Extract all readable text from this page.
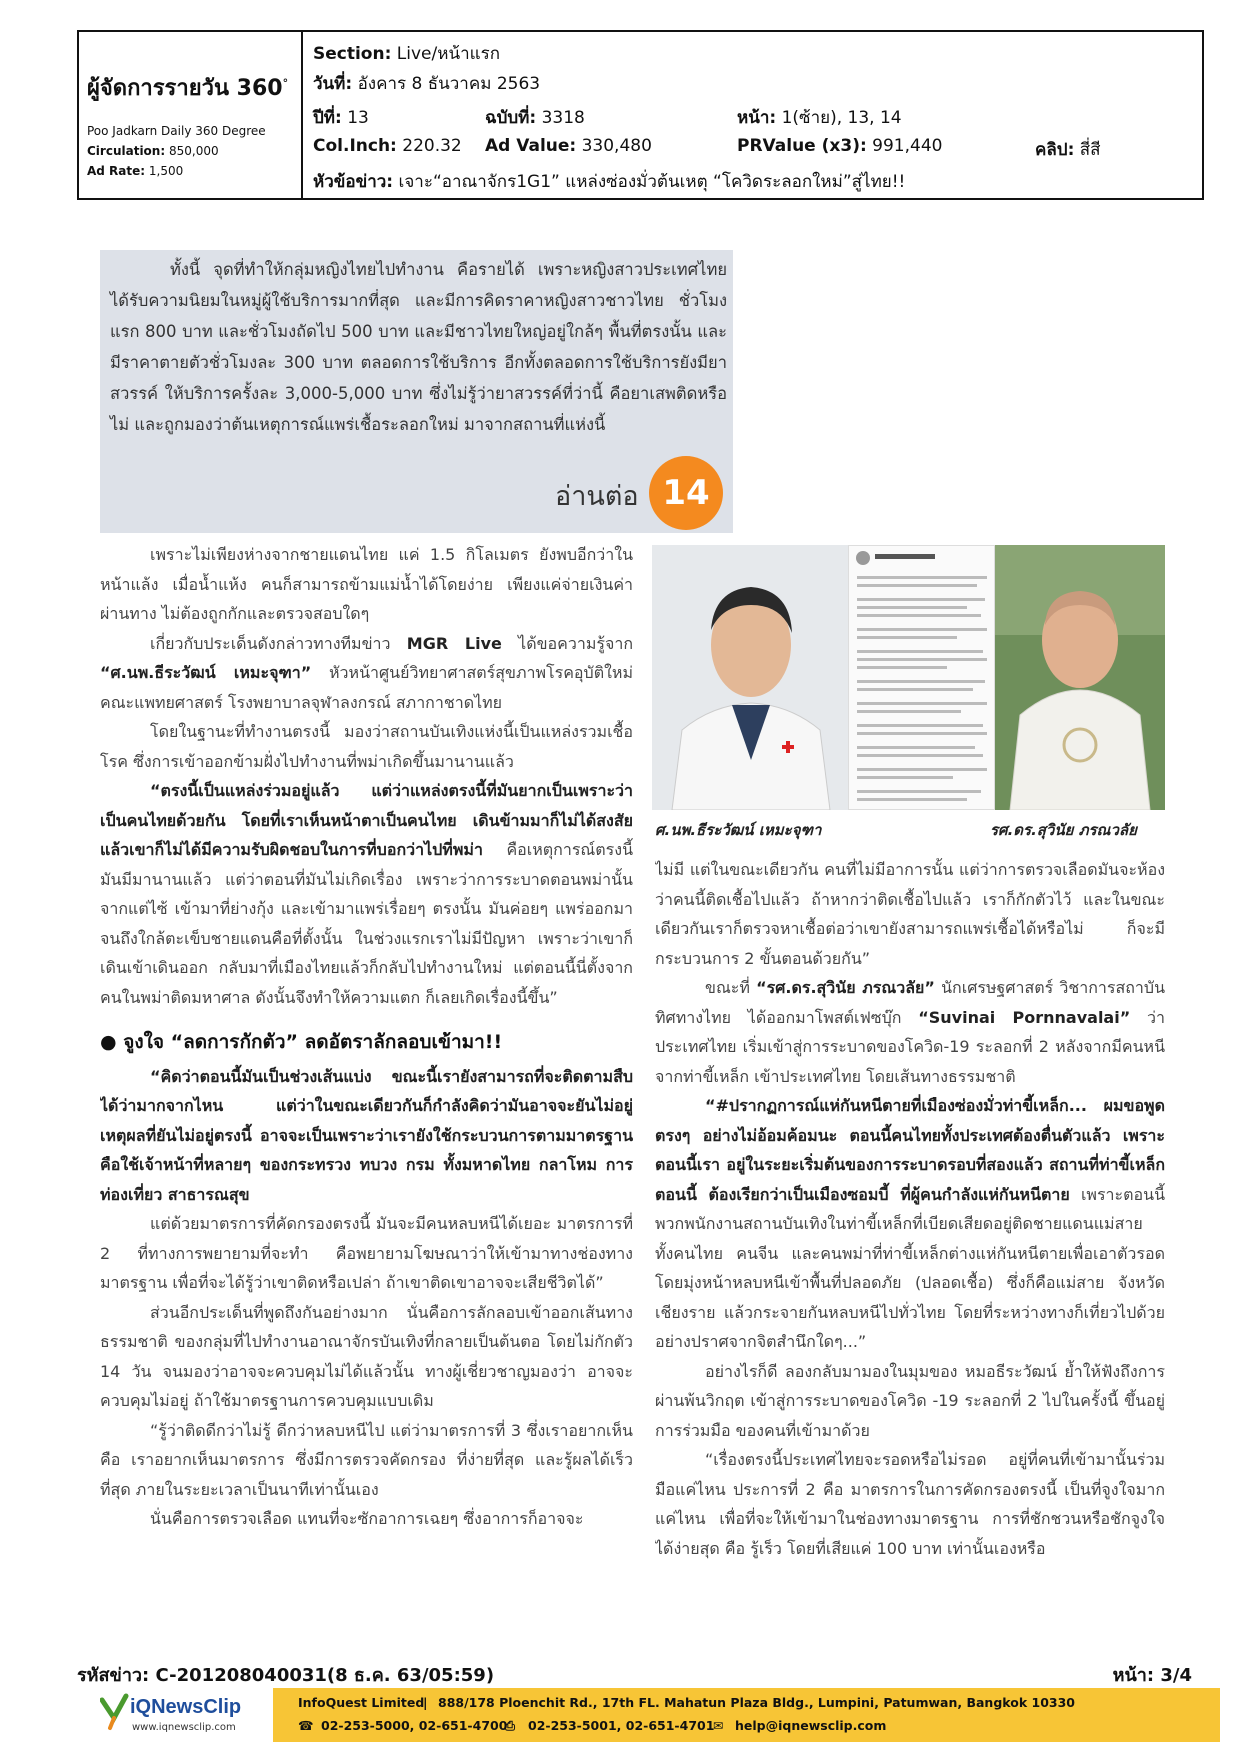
ผู้จัดการรายวัน 360°
Poo Jadkarn Daily 360 Degree
Circulation: 850,000
Ad Rate: 1,500
Section: Live/หน้าแรก
วันที่: อังคาร 8 ธันวาคม 2563
ปีที่: 13	ฉบับที่: 3318	หน้า: 1(ซ้าย), 13, 14
Col.Inch: 220.32 Ad Value: 330,480	PRValue (x3): 991,440	คลิป: สี่สี
หัวข้อข่าว: เจาะ“อาณาจักร1G1” แหล่งซ่องมั่วต้นเหตุ “โควิดระลอกใหม่”สู่ไทย!!

ทั้งนี้ จุดที่ทำให้กลุ่มหญิงไทยไปทำงาน คือรายได้ เพราะหญิงสาวประเทศไทย ได้รับความนิยมในหมู่ผู้ใช้บริการมากที่สุด และมีการคิดราคาหญิงสาวชาวไทย ชั่วโมงแรก 800 บาท และชั่วโมงถัดไป 500 บาท และมีชาวไทยใหญ่อยู่ใกล้ๆ พื้นที่ตรงนั้น และมีราคาตายตัวชั่วโมงละ 300 บาท ตลอดการใช้บริการ อีกทั้งตลอดการใช้บริการยังมียาสวรรค์ ให้บริการครั้งละ 3,000-5,000 บาท ซึ่งไม่รู้ว่ายาสวรรค์ที่ว่านี้ คือยาเสพติดหรือไม่ และถูกมองว่าต้นเหตุการณ์แพร่เชื้อระลอกใหม่ มาจากสถานที่แห่งนี้

อ่านต่อ 14

เพราะไม่เพียงห่างจากชายแดนไทย แค่ 1.5 กิโลเมตร ยังพบอีกว่าในหน้าแล้ง เมื่อน้ำแห้ง คนก็สามารถข้ามแม่น้ำได้โดยง่าย เพียงแค่จ่ายเงินค่าผ่านทาง ไม่ต้องถูกกักและตรวจสอบใดๆ

เกี่ยวกับประเด็นดังกล่าวทางทีมข่าว MGR Live ได้ขอความรู้จาก “ศ.นพ.ธีระวัฒน์ เหมะจุฑา” หัวหน้าศูนย์วิทยาศาสตร์สุขภาพโรคอุบัติใหม่ คณะแพทยศาสตร์ โรงพยาบาลจุฬาลงกรณ์ สภากาชาดไทย

โดยในฐานะที่ทำงานตรงนี้ มองว่าสถานบันเทิงแห่งนี้เป็นแหล่งรวมเชื้อโรค ซึ่งการเข้าออกข้ามฝั่งไปทำงานที่พม่าเกิดขึ้นมานานแล้ว

“ตรงนี้เป็นแหล่งร่วมอยู่แล้ว แต่ว่าแหล่งตรงนี้ที่มันยากเป็นเพราะว่าเป็นคนไทยด้วยกัน โดยที่เราเห็นหน้าตาเป็นคนไทย เดินข้ามมาก็ไม่ได้สงสัย แล้วเขาก็ไม่ได้มีความรับผิดชอบในการที่บอกว่าไปที่พม่า คือเหตุการณ์ตรงนี้มันมีมานานแล้ว แต่ว่าตอนที่มันไม่เกิดเรื่อง เพราะว่าการระบาดตอนพม่านั้น จากแต่ไซ้ เข้ามาที่ย่างกุ้ง และเข้ามาแพร่เรื่อยๆ ตรงนั้น มันค่อยๆ แพร่ออกมา จนถึงใกล้ตะเข็บชายแดนคือที่ตั้งนั้น ในช่วงแรกเราไม่มีปัญหา เพราะว่าเขาก็เดินเข้าเดินออก กลับมาที่เมืองไทยแล้วก็กลับไปทำงานใหม่ แต่ตอนนี้นี่ตั้งจากคนในพม่าติดมหาศาล ดังนั้นจึงทำให้ความแตก ก็เลยเกิดเรื่องนี้ขึ้น”

● จูงใจ “ลดการกักตัว” ลดอัตราลักลอบเข้ามา!!

“คิดว่าตอนนี้มันเป็นช่วงเส้นแบ่ง ขณะนี้เรายังสามารถที่จะติดตามสืบได้ว่ามากจากไหน แต่ว่าในขณะเดียวกันก็กำลังคิดว่ามันอาจจะยันไม่อยู่ เหตุผลที่ยันไม่อยู่ตรงนี้ อาจจะเป็นเพราะว่าเรายังใช้กระบวนการตามมาตรฐาน คือใช้เจ้าหน้าที่หลายๆ ของกระทรวง ทบวง กรม ทั้งมหาดไทย กลาโหม การท่องเที่ยว สาธารณสุข

แต่ด้วยมาตรการที่คัดกรองตรงนี้ มันจะมีคนหลบหนีได้เยอะ มาตรการที่ 2 ที่ทางการพยายามที่จะทำ คือพยายามโฆษณาว่าให้เข้ามาทางช่องทางมาตรฐาน เพื่อที่จะได้รู้ว่าเขาติดหรือเปล่า ถ้าเขาติดเขาอาจจะเสียชีวิตได้”

ส่วนอีกประเด็นที่พูดถึงกันอย่างมาก นั่นคือการลักลอบเข้าออกเส้นทางธรรมชาติ ของกลุ่มที่ไปทำงานอาณาจักรบันเทิงที่กลายเป็นต้นตอ โดยไม่กักตัว 14 วัน จนมองว่าอาจจะควบคุมไม่ได้แล้วนั้น ทางผู้เชี่ยวชาญมองว่า อาจจะควบคุมไม่อยู่ ถ้าใช้มาตรฐานการควบคุมแบบเดิม

“รู้ว่าติดดีกว่าไม่รู้ ดีกว่าหลบหนีไป แต่ว่ามาตรการที่ 3 ซึ่งเราอยากเห็น คือ เราอยากเห็นมาตรการ ซึ่งมีการตรวจคัดกรอง ที่ง่ายที่สุด และรู้ผลได้เร็วที่สุด ภายในระยะเวลาเป็นนาทีเท่านั้นเอง

นั่นคือการตรวจเลือด แทนที่จะซักอาการเฉยๆ ซึ่งอาการก็อาจจะ

ศ.นพ.ธีระวัฒน์ เหมะจุฑา	รศ.ดร.สุวินัย ภรณวลัย

ไม่มี แต่ในขณะเดียวกัน คนที่ไม่มีอาการนั้น แต่ว่าการตรวจเลือดมันจะห้องว่าคนนี้ติดเชื้อไปแล้ว ถ้าหากว่าติดเชื้อไปแล้ว เราก็กักตัวไว้ และในขณะเดียวกันเราก็ตรวจหาเชื้อต่อว่าเขายังสามารถแพร่เชื้อได้หรือไม่ ก็จะมีกระบวนการ 2 ขั้นตอนด้วยกัน”

ขณะที่ “รศ.ดร.สุวินัย ภรณวลัย” นักเศรษฐศาสตร์ วิชาการสถาบันทิศทางไทย ได้ออกมาโพสต์เฟซบุ๊ก “Suvinai Pornnavalai” ว่าประเทศไทย เริ่มเข้าสู่การระบาดของโควิด-19 ระลอกที่ 2 หลังจากมีคนหนีจากท่าขี้เหล็ก เข้าประเทศไทย โดยเส้นทางธรรมชาติ

“#ปรากฏการณ์แห่กันหนีตายที่เมืองซ่องมั่วท่าขี้เหล็ก... ผมขอพูดตรงๆ อย่างไม่อ้อมค้อมนะ ตอนนี้คนไทยทั้งประเทศต้องตื่นตัวแล้ว เพราะตอนนี้เรา อยู่ในระยะเริ่มต้นของการระบาดรอบที่สองแล้ว สถานที่ท่าขี้เหล็กตอนนี้ ต้องเรียกว่าเป็นเมืองซอมบี้ ที่ผู้คนกำลังแห่กันหนีตาย เพราะตอนนี้พวกพนักงานสถานบันเทิงในท่าขี้เหล็กที่เบียดเสียดอยู่ติดชายแดนแม่สายทั้งคนไทย คนจีน และคนพม่าที่ท่าขี้เหล็กต่างแห่กันหนีตายเพื่อเอาตัวรอด โดยมุ่งหน้าหลบหนีเข้าพื้นที่ปลอดภัย (ปลอดเชื้อ) ซึ่งก็คือแม่สาย จังหวัดเชียงราย แล้วกระจายกันหลบหนีไปทั่วไทย โดยที่ระหว่างทางก็เที่ยวไปด้วย อย่างปราศจากจิตสำนึกใดๆ...”

อย่างไรก็ดี ลองกลับมามองในมุมของ หมอธีระวัฒน์ ย้ำให้ฟังถึงการผ่านพ้นวิกฤต เข้าสู่การระบาดของโควิด -19 ระลอกที่ 2 ไปในครั้งนี้ ขึ้นอยู่การร่วมมือ ของคนที่เข้ามาด้วย

“เรื่องตรงนี้ประเทศไทยจะรอดหรือไม่รอด อยู่ที่คนที่เข้ามานั้นร่วมมือแค่ไหน ประการที่ 2 คือ มาตรการในการคัดกรองตรงนี้ เป็นที่จูงใจมากแค่ไหน เพื่อที่จะให้เข้ามาในช่องทางมาตรฐาน การที่ชักชวนหรือชักจูงใจได้ง่ายสุด คือ รู้เร็ว โดยที่เสียแค่ 100 บาท เท่านั้นเองหรือ

รหัสข่าว: C-201208040031(8 ธ.ค. 63/05:59)	หน้า: 3/4
iQNewsClip
www.iqnewsclip.com
InfoQuest Limited
| 888/178 Ploenchit Rd., 17th FL. Mahatun Plaza Bldg., Lumpini, Patumwan, Bangkok 10330
☎ 02-253-5000, 02-651-4700
⎙ 02-253-5001, 02-651-4701
✉ help@iqnewsclip.com
